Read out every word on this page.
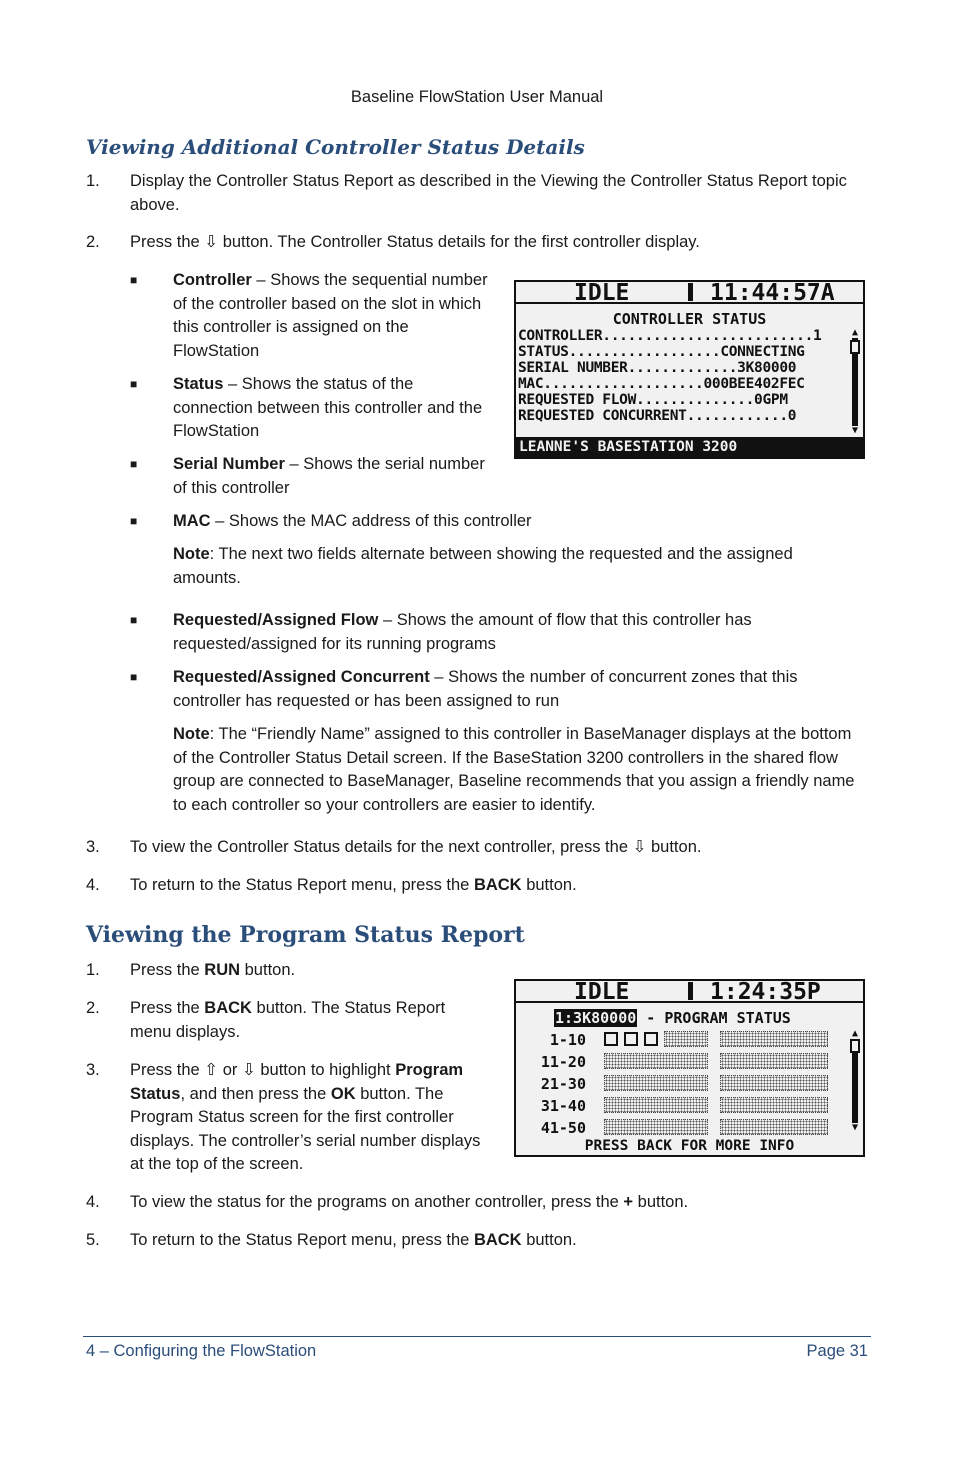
Baseline FlowStation User Manual
Viewing Additional Controller Status Details
1.	Display the Controller Status Report as described in the Viewing the Controller Status Report topic above.
2.	Press the ⇩ button. The Controller Status details for the first controller display.
■	Controller – Shows the sequential number of the controller based on the slot in which this controller is assigned on the FlowStation
■	Status – Shows the status of the connection between this controller and the FlowStation
■	Serial Number – Shows the serial number of this controller
■	MAC – Shows the MAC address of this controller
Note: The next two fields alternate between showing the requested and the assigned amounts.
■	Requested/Assigned Flow – Shows the amount of flow that this controller has requested/assigned for its running programs
■	Requested/Assigned Concurrent – Shows the number of concurrent zones that this controller has requested or has been assigned to run
Note: The “Friendly Name” assigned to this controller in BaseManager displays at the bottom of the Controller Status Detail screen. If the BaseStation 3200 controllers in the shared flow group are connected to BaseManager, Baseline recommends that you assign a friendly name to each controller so your controllers are easier to identify.
3.	To view the Controller Status details for the next controller, press the ⇩ button.
4.	To return to the Status Report menu, press the BACK button.
IDLE	11:44:57A
CONTROLLER STATUS
CONTROLLER.........................1
STATUS..................CONNECTING
SERIAL NUMBER.............3K80000
MAC...................000BEE402FEC
REQUESTED FLOW..............0GPM
REQUESTED CONCURRENT............0
▲
▼
LEANNE'S BASESTATION 3200
Viewing the Program Status Report
1.	Press the RUN button.
2.	Press the BACK button. The Status Report menu displays.
3.	Press the ⇧ or ⇩ button to highlight Program Status, and then press the OK button. The Program Status screen for the first controller displays. The controller’s serial number displays at the top of the screen.
4.	To view the status for the programs on another controller, press the + button.
5.	To return to the Status Report menu, press the BACK button.
IDLE	1:24:35P
1:3K80000 - PROGRAM STATUS
1-10
11-20
21-30
31-40
41-50
▲
▼
PRESS BACK FOR MORE INFO
4 – Configuring the FlowStation	Page 31
